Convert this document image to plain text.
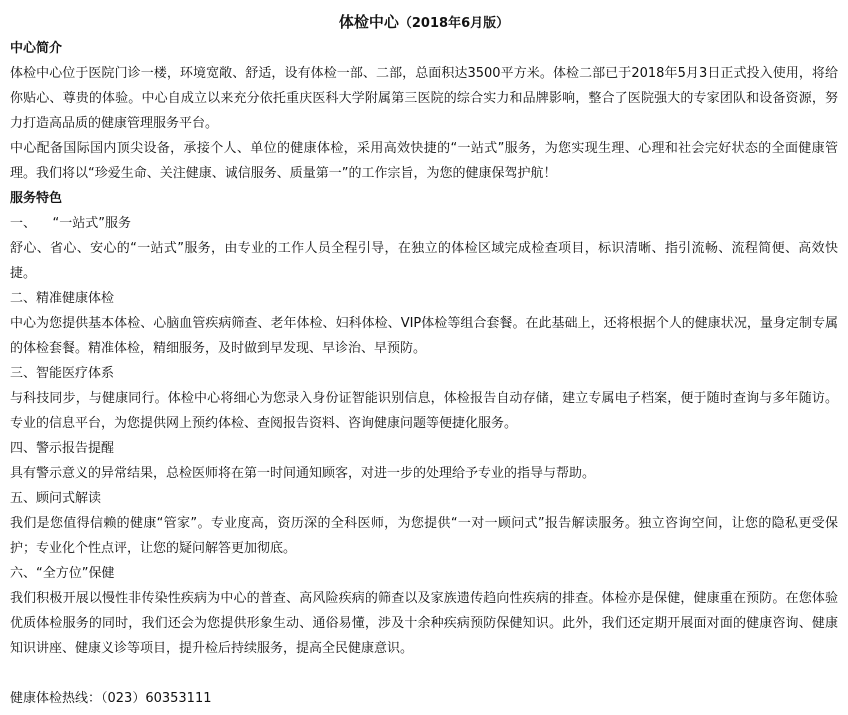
体检中心（2018年6月版）

中心简介

体检中心位于医院门诊一楼，环境宽敞、舒适，设有体检一部、二部，总面积达3500平方米。体检二部已于2018年5月3日正式投入使用，将给你贴心、尊贵的体验。中心自成立以来充分依托重庆医科大学附属第三医院的综合实力和品牌影响，整合了医院强大的专家团队和设备资源，努力打造高品质的健康管理服务平台。

中心配备国际国内顶尖设备，承接个人、单位的健康体检，采用高效快捷的“一站式”服务，为您实现生理、心理和社会完好状态的全面健康管理。我们将以“珍爱生命、关注健康、诚信服务、质量第一”的工作宗旨，为您的健康保驾护航！

服务特色

一、    “一站式”服务

舒心、省心、安心的“一站式”服务，由专业的工作人员全程引导，在独立的体检区域完成检查项目，标识清晰、指引流畅、流程简便、高效快捷。

二、精准健康体检

中心为您提供基本体检、心脑血管疾病筛查、老年体检、妇科体检、VIP体检等组合套餐。在此基础上，还将根据个人的健康状况，量身定制专属的体检套餐。精准体检，精细服务，及时做到早发现、早诊治、早预防。

三、智能医疗体系

与科技同步，与健康同行。体检中心将细心为您录入身份证智能识别信息，体检报告自动存储，建立专属电子档案，便于随时查询与多年随访。专业的信息平台，为您提供网上预约体检、查阅报告资料、咨询健康问题等便捷化服务。

四、警示报告提醒

具有警示意义的异常结果，总检医师将在第一时间通知顾客，对进一步的处理给予专业的指导与帮助。

五、顾问式解读

我们是您值得信赖的健康“管家”。专业度高，资历深的全科医师，为您提供“一对一顾问式”报告解读服务。独立咨询空间，让您的隐私更受保护；专业化个性点评，让您的疑问解答更加彻底。

六、“全方位”保健

我们积极开展以慢性非传染性疾病为中心的普查、高风险疾病的筛查以及家族遗传趋向性疾病的排查。体检亦是保健，健康重在预防。在您体验优质体检服务的同时，我们还会为您提供形象生动、通俗易懂，涉及十余种疾病预防保健知识。此外，我们还定期开展面对面的健康咨询、健康知识讲座、健康义诊等项目，提升检后持续服务，提高全民健康意识。

健康体检热线：（023）60353111
